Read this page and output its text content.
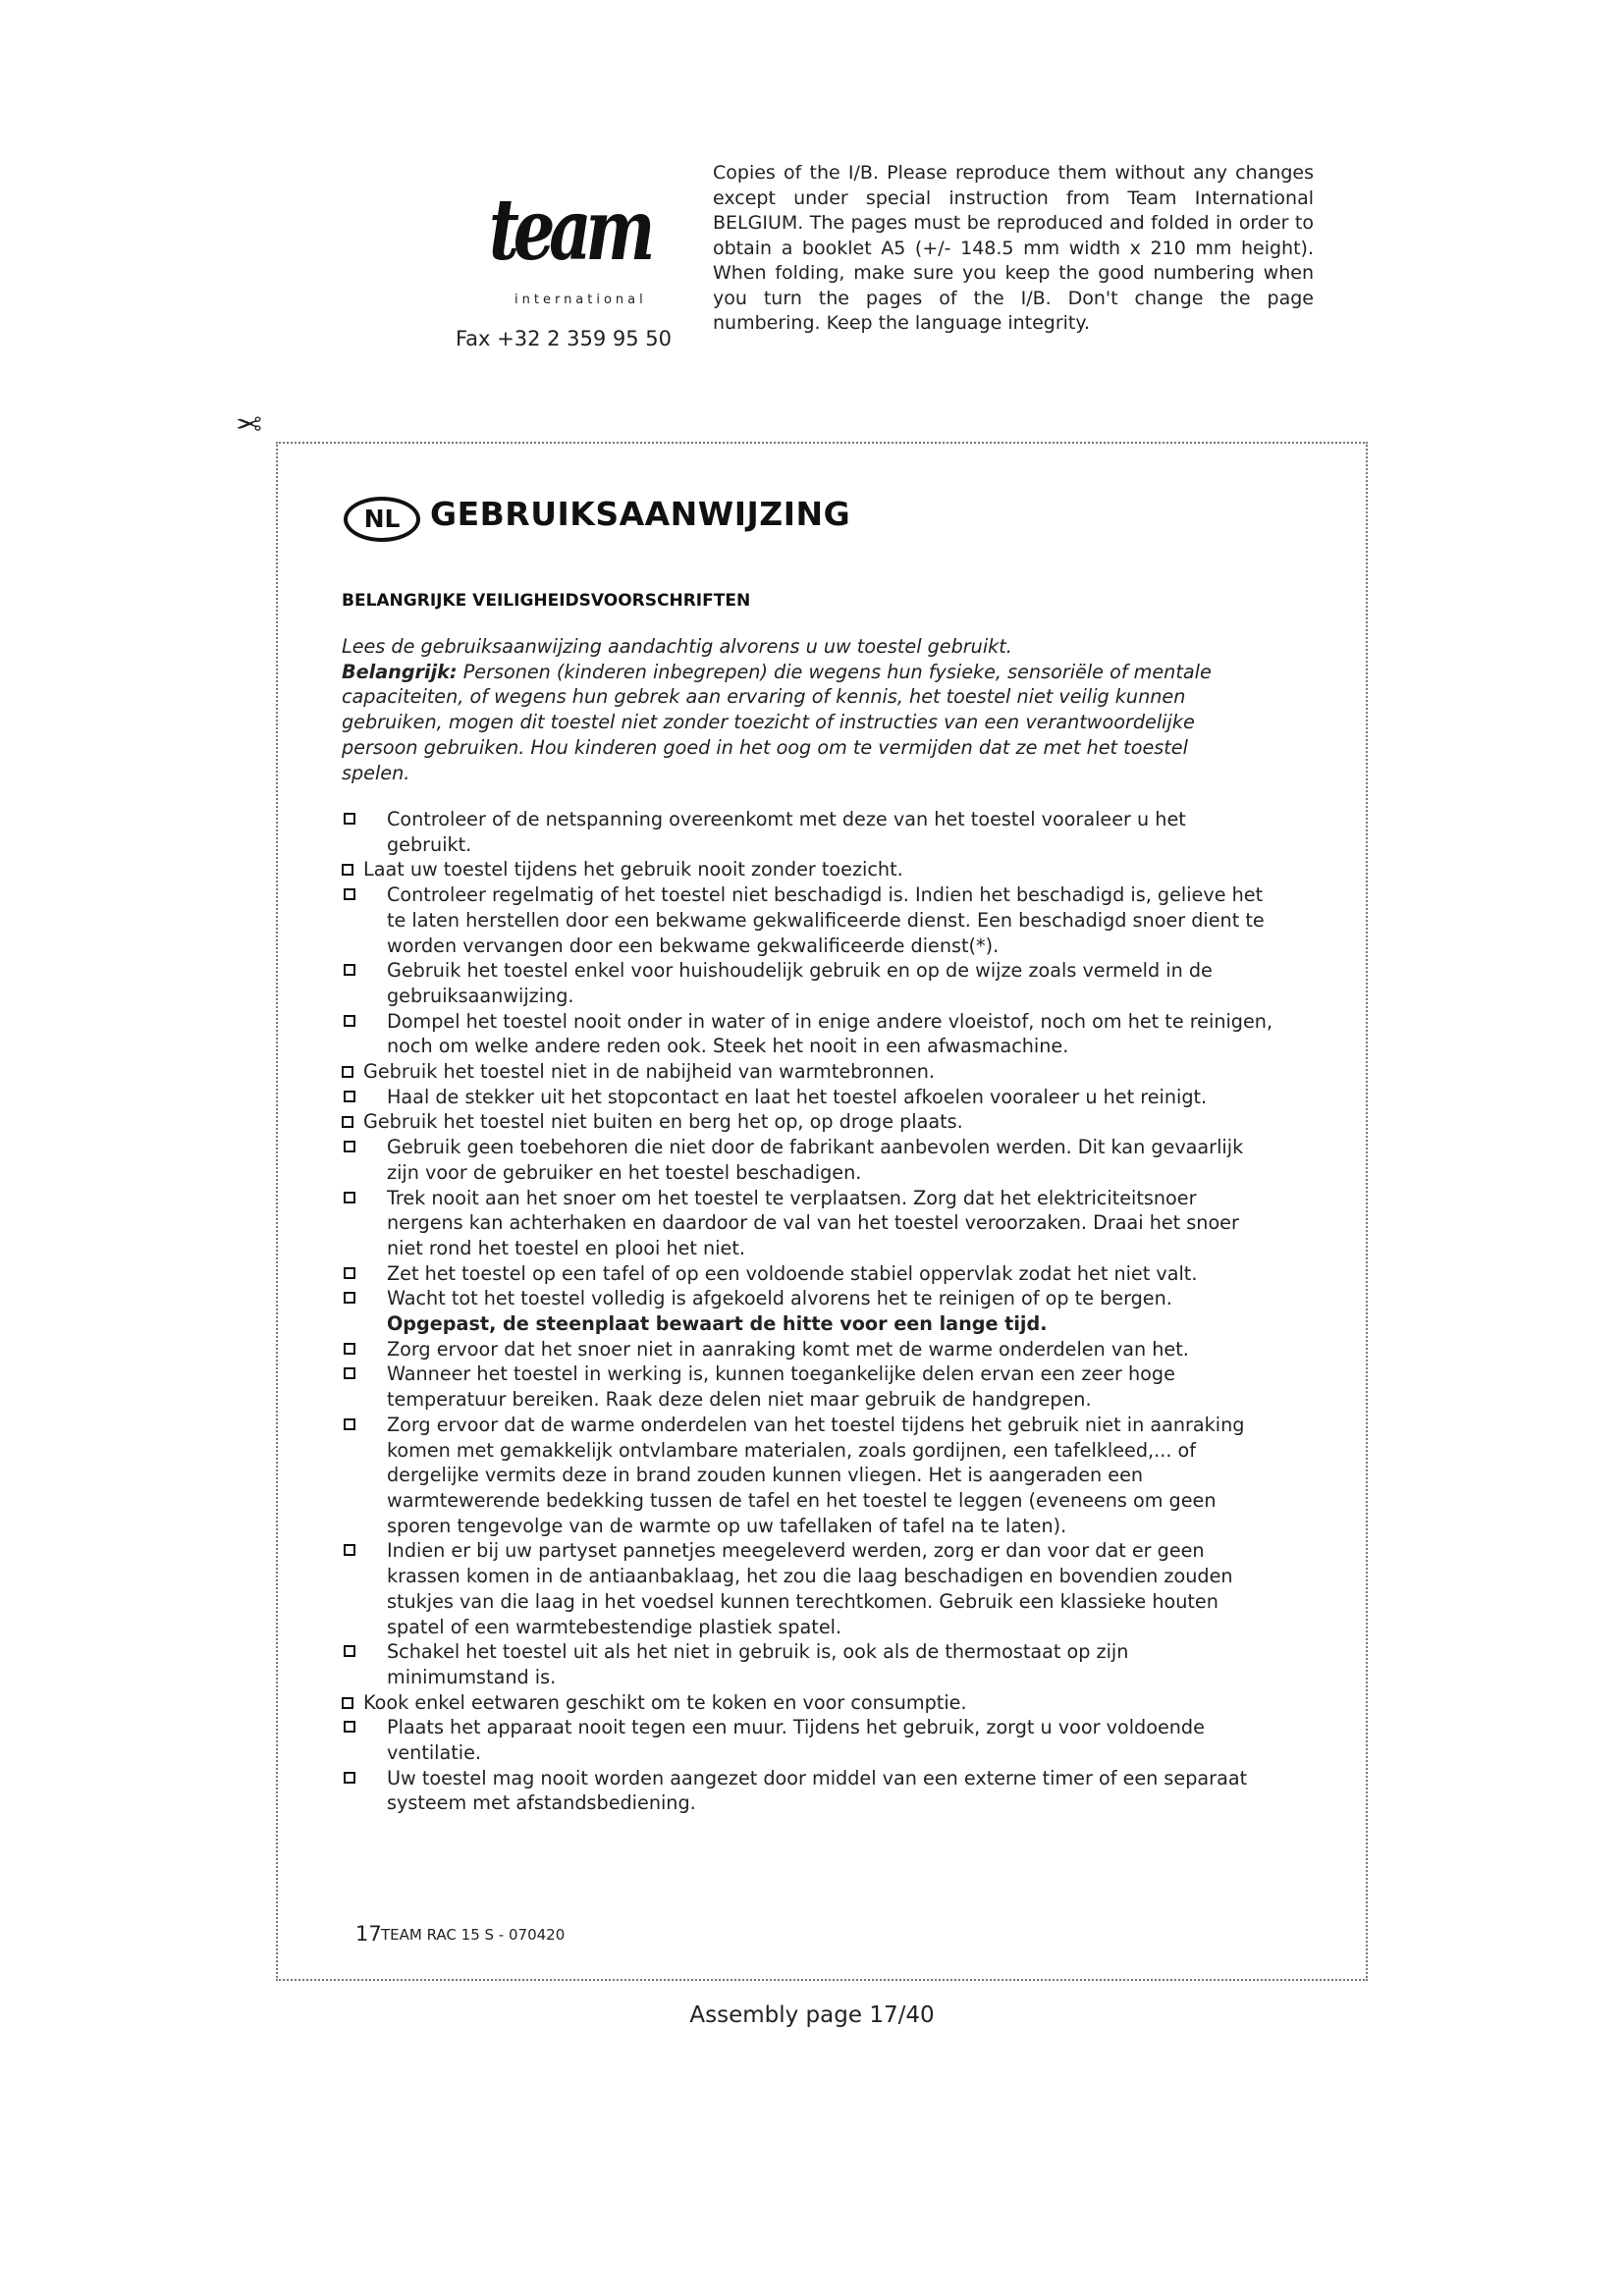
team
international
Fax +32 2 359 95 50
Copies of the I/B. Please reproduce them without any changes except under special instruction from Team International BELGIUM. The pages must be reproduced and folded in order to obtain a booklet A5 (+/- 148.5 mm width x 210 mm height). When folding, make sure you keep the good numbering when you turn the pages of the I/B. Don't change the page numbering. Keep the language integrity.
✂
NL GEBRUIKSAANWIJZING
BELANGRIJKE VEILIGHEIDSVOORSCHRIFTEN

Lees de gebruiksaanwijzing aandachtig alvorens u uw toestel gebruikt.

Belangrijk: Personen (kinderen inbegrepen) die wegens hun fysieke, sensoriële of mentale capaciteiten, of wegens hun gebrek aan ervaring of kennis, het toestel niet veilig kunnen gebruiken, mogen dit toestel niet zonder toezicht of instructies van een verantwoordelijke persoon gebruiken. Hou kinderen goed in het oog om te vermijden dat ze met het toestel spelen.

Controleer of de netspanning overeenkomt met deze van het toestel vooraleer u het gebruikt.
Laat uw toestel tijdens het gebruik nooit zonder toezicht.
Controleer regelmatig of het toestel niet beschadigd is. Indien het beschadigd is, gelieve het te laten herstellen door een bekwame gekwalificeerde dienst. Een beschadigd snoer dient te worden vervangen door een bekwame gekwalificeerde dienst(*).
Gebruik het toestel enkel voor huishoudelijk gebruik en op de wijze zoals vermeld in de gebruiksaanwijzing.
Dompel het toestel nooit onder in water of in enige andere vloeistof, noch om het te reinigen, noch om welke andere reden ook. Steek het nooit in een afwasmachine.
Gebruik het toestel niet in de nabijheid van warmtebronnen.
Haal de stekker uit het stopcontact en laat het toestel afkoelen vooraleer u het reinigt.
Gebruik het toestel niet buiten en berg het op, op droge plaats.
Gebruik geen toebehoren die niet door de fabrikant aanbevolen werden. Dit kan gevaarlijk zijn voor de gebruiker en het toestel beschadigen.
Trek nooit aan het snoer om het toestel te verplaatsen. Zorg dat het elektriciteitsnoer nergens kan achterhaken en daardoor de val van het toestel veroorzaken. Draai het snoer niet rond het toestel en plooi het niet.
Zet het toestel op een tafel of op een voldoende stabiel oppervlak zodat het niet valt.
Wacht tot het toestel volledig is afgekoeld alvorens het te reinigen of op te bergen.
Opgepast, de steenplaat bewaart de hitte voor een lange tijd.
Zorg ervoor dat het snoer niet in aanraking komt met de warme onderdelen van het.
Wanneer het toestel in werking is, kunnen toegankelijke delen ervan een zeer hoge temperatuur bereiken. Raak deze delen niet maar gebruik de handgrepen.
Zorg ervoor dat de warme onderdelen van het toestel tijdens het gebruik niet in aanraking komen met gemakkelijk ontvlambare materialen, zoals gordijnen, een tafelkleed,... of dergelijke vermits deze in brand zouden kunnen vliegen. Het is aangeraden een warmtewerende bedekking tussen de tafel en het toestel te leggen (eveneens om geen sporen tengevolge van de warmte op uw tafellaken of tafel na te laten).
Indien er bij uw partyset pannetjes meegeleverd werden, zorg er dan voor dat er geen krassen komen in de antiaanbaklaag, het zou die laag beschadigen en bovendien zouden stukjes van die laag in het voedsel kunnen terechtkomen. Gebruik een klassieke houten spatel of een warmtebestendige plastiek spatel.
Schakel het toestel uit als het niet in gebruik is, ook als de thermostaat op zijn minimumstand is.
Kook enkel eetwaren geschikt om te koken en voor consumptie.
Plaats het apparaat nooit tegen een muur. Tijdens het gebruik, zorgt u voor voldoende ventilatie.
Uw toestel mag nooit worden aangezet door middel van een externe timer of een separaat systeem met afstandsbediening.
17 TEAM RAC 15 S - 070420
Assembly page 17/40
